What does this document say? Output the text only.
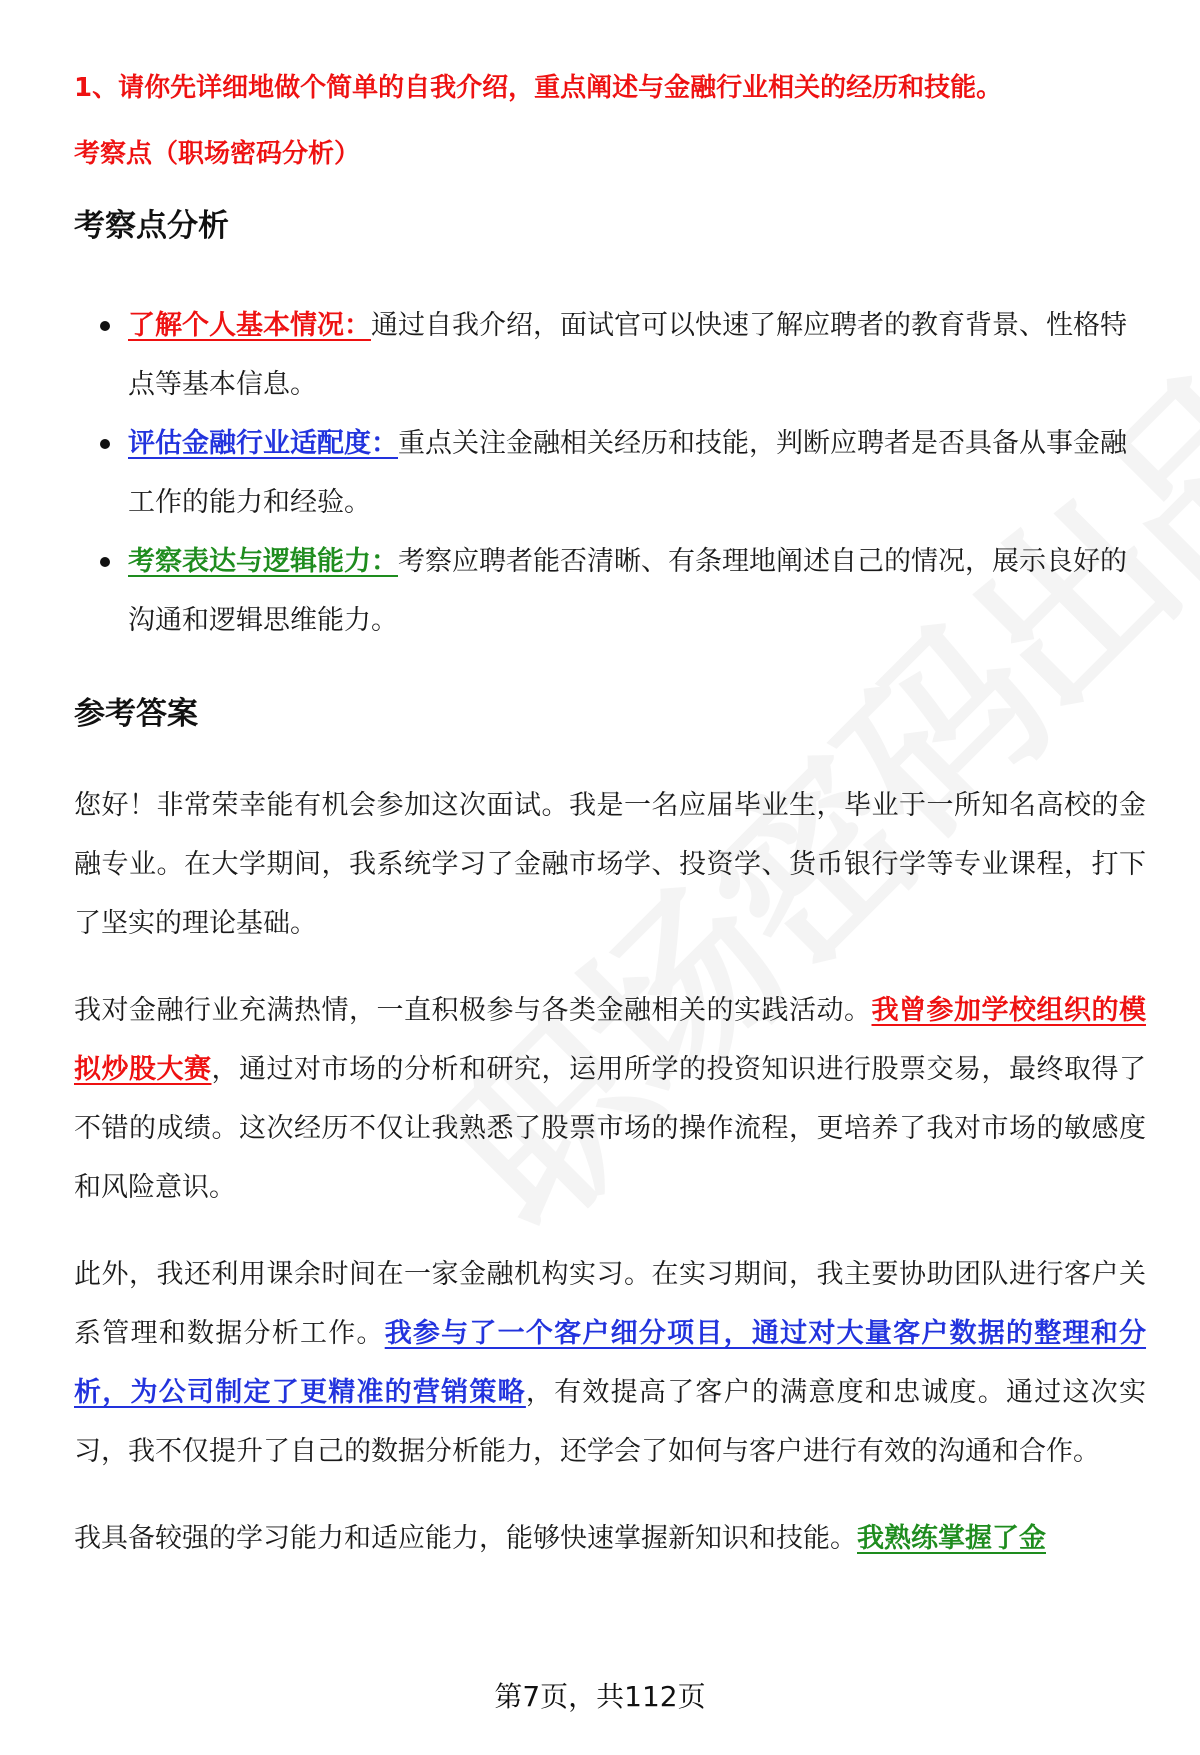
1、请你先详细地做个简单的自我介绍，重点阐述与金融行业相关的经历和技能。

考察点（职场密码分析）

考察点分析
了解个人基本情况：通过自我介绍，面试官可以快速了解应聘者的教育背景、性格特点等基本信息。
评估金融行业适配度：重点关注金融相关经历和技能，判断应聘者是否具备从事金融工作的能力和经验。
考察表达与逻辑能力：考察应聘者能否清晰、有条理地阐述自己的情况，展示良好的沟通和逻辑思维能力。
参考答案

您好！非常荣幸能有机会参加这次面试。我是一名应届毕业生，毕业于一所知名高校的金融专业。在大学期间，我系统学习了金融市场学、投资学、货币银行学等专业课程，打下了坚实的理论基础。

我对金融行业充满热情，一直积极参与各类金融相关的实践活动。我曾参加学校组织的模拟炒股大赛，通过对市场的分析和研究，运用所学的投资知识进行股票交易，最终取得了不错的成绩。这次经历不仅让我熟悉了股票市场的操作流程，更培养了我对市场的敏感度和风险意识。

此外，我还利用课余时间在一家金融机构实习。在实习期间，我主要协助团队进行客户关系管理和数据分析工作。我参与了一个客户细分项目，通过对大量客户数据的整理和分析，为公司制定了更精准的营销策略，有效提高了客户的满意度和忠诚度。通过这次实习，我不仅提升了自己的数据分析能力，还学会了如何与客户进行有效的沟通和合作。

我具备较强的学习能力和适应能力，能够快速掌握新知识和技能。我熟练掌握了金

第7页，共112页
